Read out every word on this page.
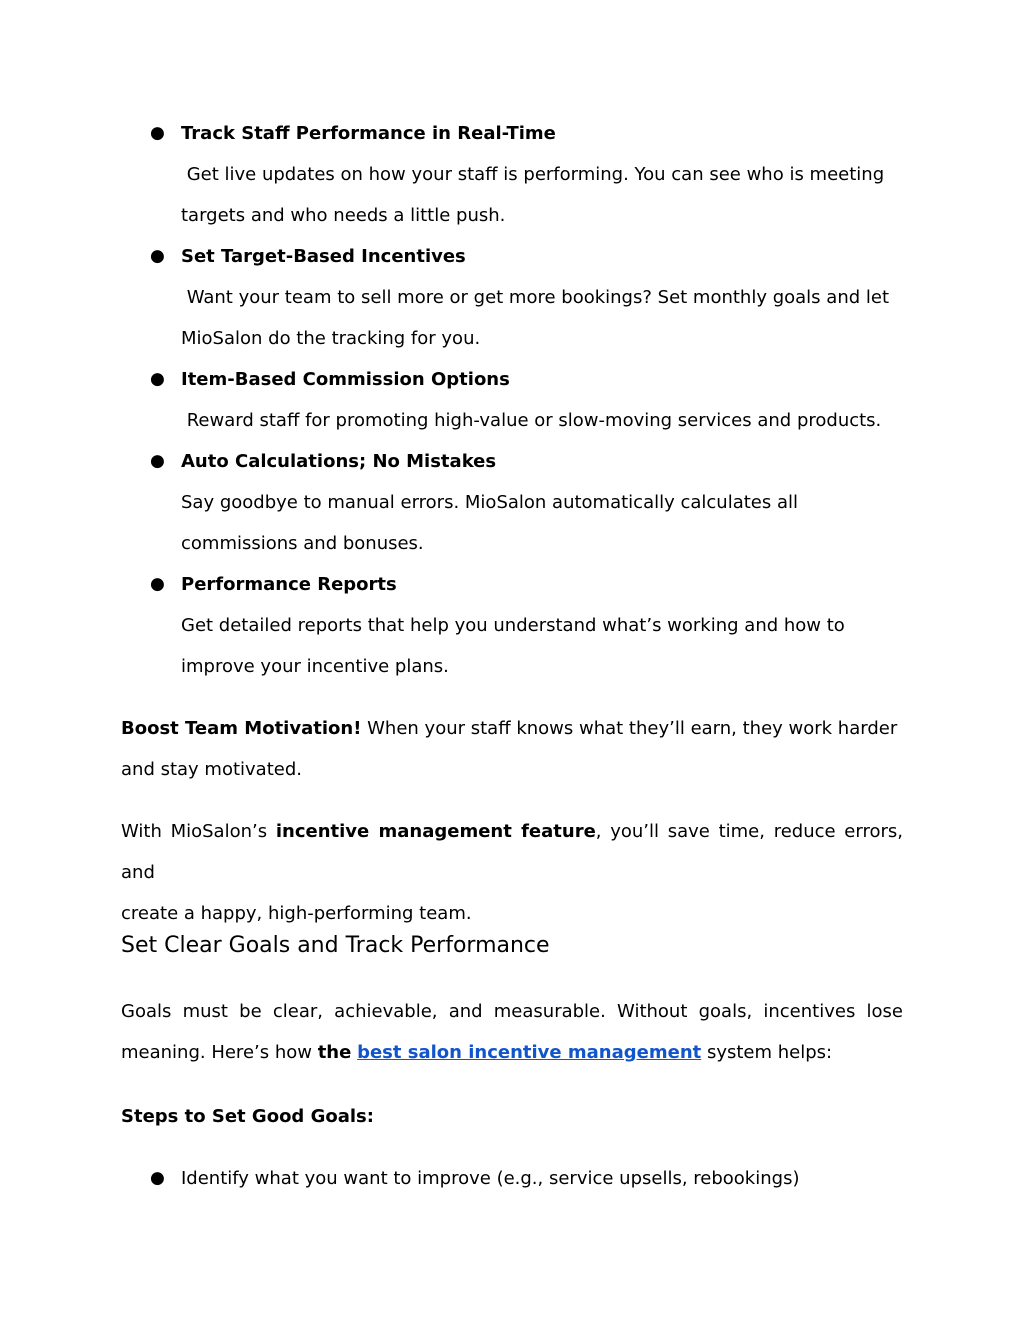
● Track Staff Performance in Real-Time
Get live updates on how your staff is performing. You can see who is meeting
targets and who needs a little push.
● Set Target-Based Incentives
Want your team to sell more or get more bookings? Set monthly goals and let
MioSalon do the tracking for you.
● Item-Based Commission Options
Reward staff for promoting high-value or slow-moving services and products.
● Auto Calculations; No Mistakes
Say goodbye to manual errors. MioSalon automatically calculates all
commissions and bonuses.
● Performance Reports
Get detailed reports that help you understand what’s working and how to
improve your incentive plans.
Boost Team Motivation! When your staff knows what they’ll earn, they work harder
and stay motivated.
With MioSalon’s incentive management feature, you’ll save time, reduce errors, and
create a happy, high-performing team.
Set Clear Goals and Track Performance
Goals must be clear, achievable, and measurable. Without goals, incentives lose
meaning. Here’s how the best salon incentive management system helps:
Steps to Set Good Goals:
● Identify what you want to improve (e.g., service upsells, rebookings)
